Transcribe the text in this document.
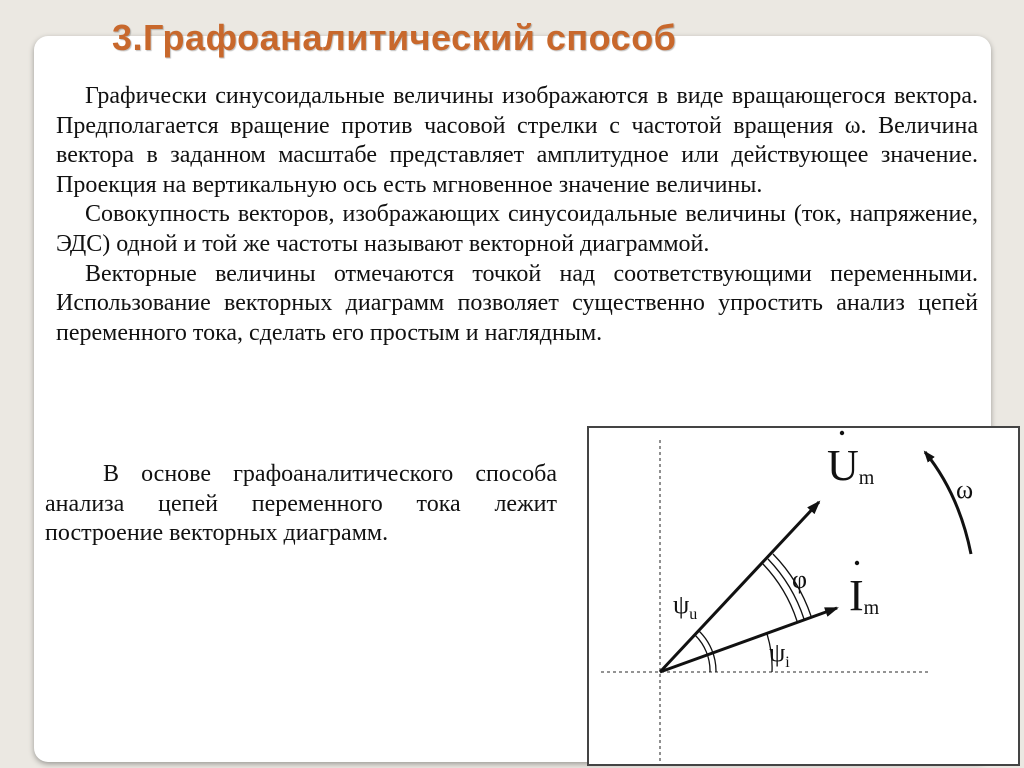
3.Графоаналитический способ

Графически синусоидальные величины изображаются в виде вращающегося вектора. Предполагается вращение против часовой стрелки с частотой вращения ω. Величина вектора в заданном масштабе представляет амплитудное или действующее значение. Проекция на вертикальную ось есть мгновенное значение величины.

Совокупность векторов, изображающих синусоидальные величины (ток, напряжение, ЭДС) одной и той же частоты называют векторной диаграммой.

Векторные величины отмечаются точкой над соответствующими переменными. Использование векторных диаграмм позволяет существенно упростить анализ цепей переменного тока, сделать его простым и наглядным.

В основе графоаналитического способа анализа цепей переменного тока лежит построение векторных диаграмм.

Um
Im
ω
φ
$\psi_u$
$\psi_i$
